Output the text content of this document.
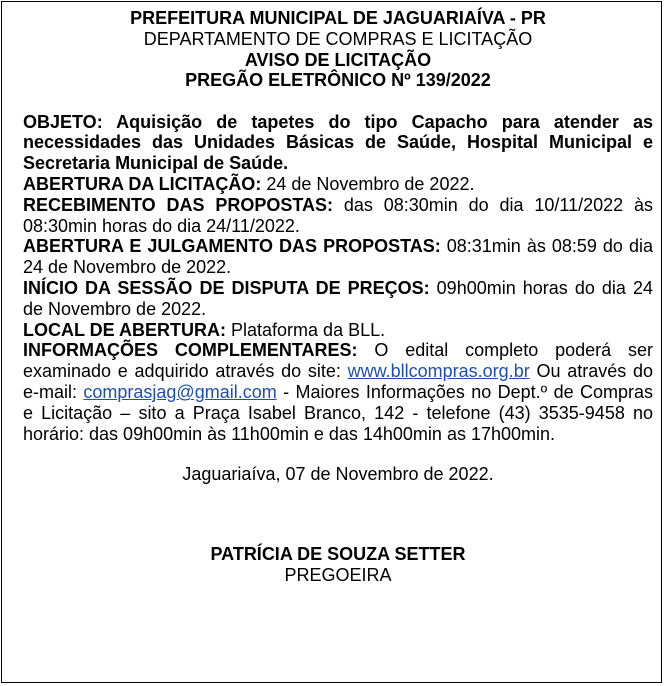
PREFEITURA MUNICIPAL DE JAGUARIAÍVA - PR
DEPARTAMENTO DE COMPRAS E LICITAÇÃO
AVISO DE LICITAÇÃO
PREGÃO ELETRÔNICO Nº 139/2022
OBJETO: Aquisição de tapetes do tipo Capacho para atender as necessidades das Unidades Básicas de Saúde, Hospital Municipal e Secretaria Municipal de Saúde.
ABERTURA DA LICITAÇÃO: 24 de Novembro de 2022.
RECEBIMENTO DAS PROPOSTAS: das 08:30min do dia 10/11/2022 às 08:30min horas do dia 24/11/2022.
ABERTURA E JULGAMENTO DAS PROPOSTAS: 08:31min às 08:59 do dia 24 de Novembro de 2022.
INÍCIO DA SESSÃO DE DISPUTA DE PREÇOS: 09h00min horas do dia 24 de Novembro de 2022.
LOCAL DE ABERTURA: Plataforma da BLL.
INFORMAÇÕES COMPLEMENTARES: O edital completo poderá ser examinado e adquirido através do site: www.bllcompras.org.br Ou através do e-mail: comprasjag@gmail.com - Maiores Informações no Dept.º de Compras e Licitação – sito a Praça Isabel Branco, 142 - telefone (43) 3535-9458 no horário: das 09h00min às 11h00min e das 14h00min as 17h00min.
Jaguariaíva, 07 de Novembro de 2022.
PATRÍCIA DE SOUZA SETTER
PREGOEIRA
